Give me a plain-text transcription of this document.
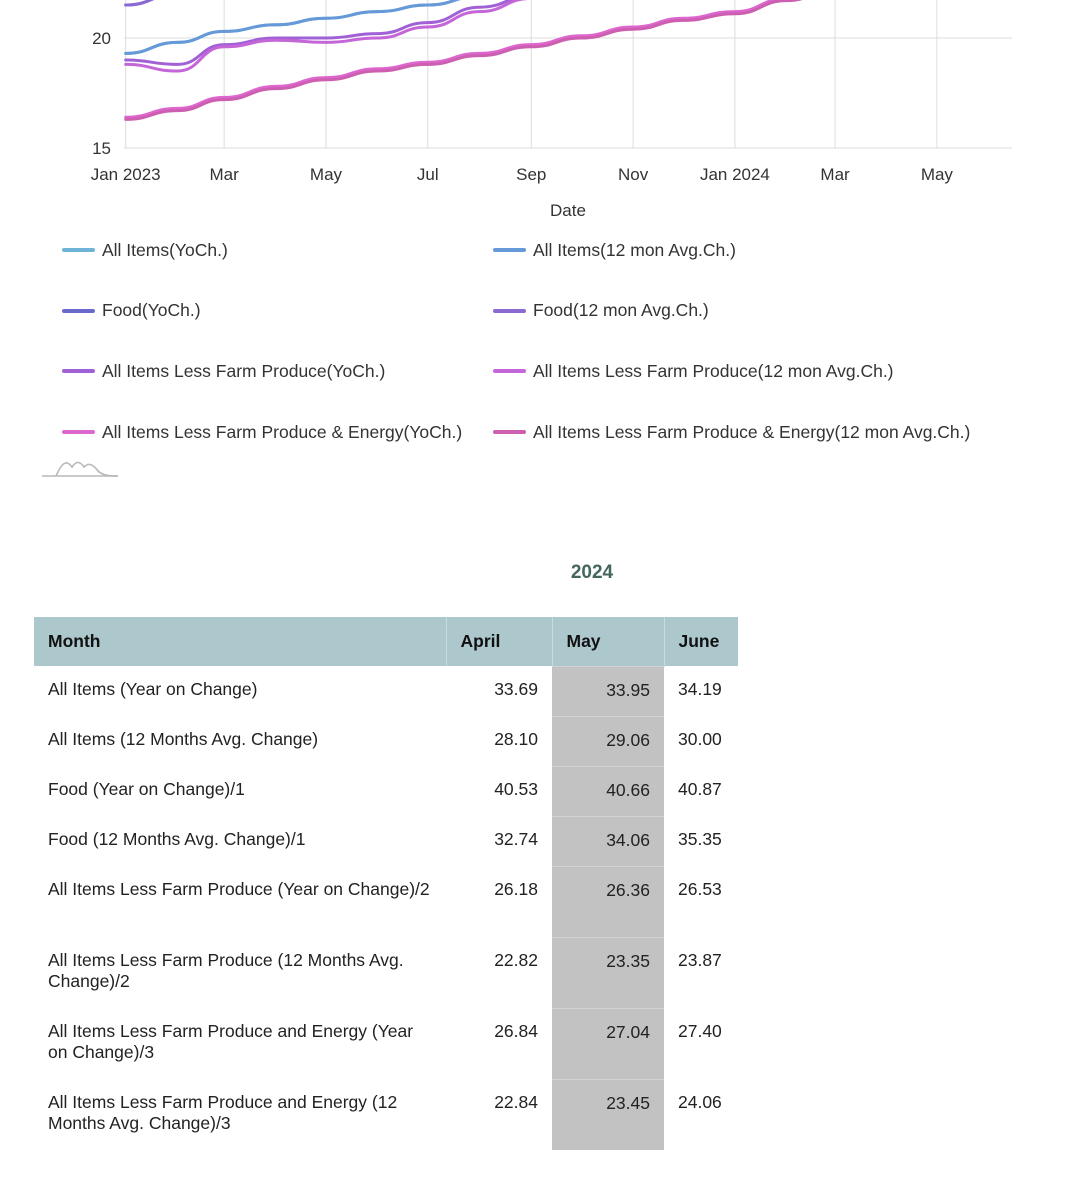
Jan 2023	Mar	May	Jul	Sep	Nov	Jan 2024	Mar	May
15
20
Date
All Items(YoCh.)	All Items(12 mon Avg.Ch.)
Food(YoCh.)	Food(12 mon Avg.Ch.)
All Items Less Farm Produce(YoCh.)	All Items Less Farm Produce(12 mon Avg.Ch.)
All Items Less Farm Produce & Energy(YoCh.)	All Items Less Farm Produce & Energy(12 mon Avg.Ch.)
2024
Month	April	May	June
All Items (Year on Change)	33.69	33.95	34.19
All Items (12 Months Avg. Change)	28.10	29.06	30.00
Food (Year on Change)/1	40.53	40.66	40.87
Food (12 Months Avg. Change)/1	32.74	34.06	35.35
All Items Less Farm Produce (Year on Change)/2	26.18	26.36	26.53
All Items Less Farm Produce (12 Months Avg. Change)/2	22.82	23.35	23.87
All Items Less Farm Produce and Energy (Year on Change)/3	26.84	27.04	27.40
All Items Less Farm Produce and Energy (12 Months Avg. Change)/3	22.84	23.45	24.06
